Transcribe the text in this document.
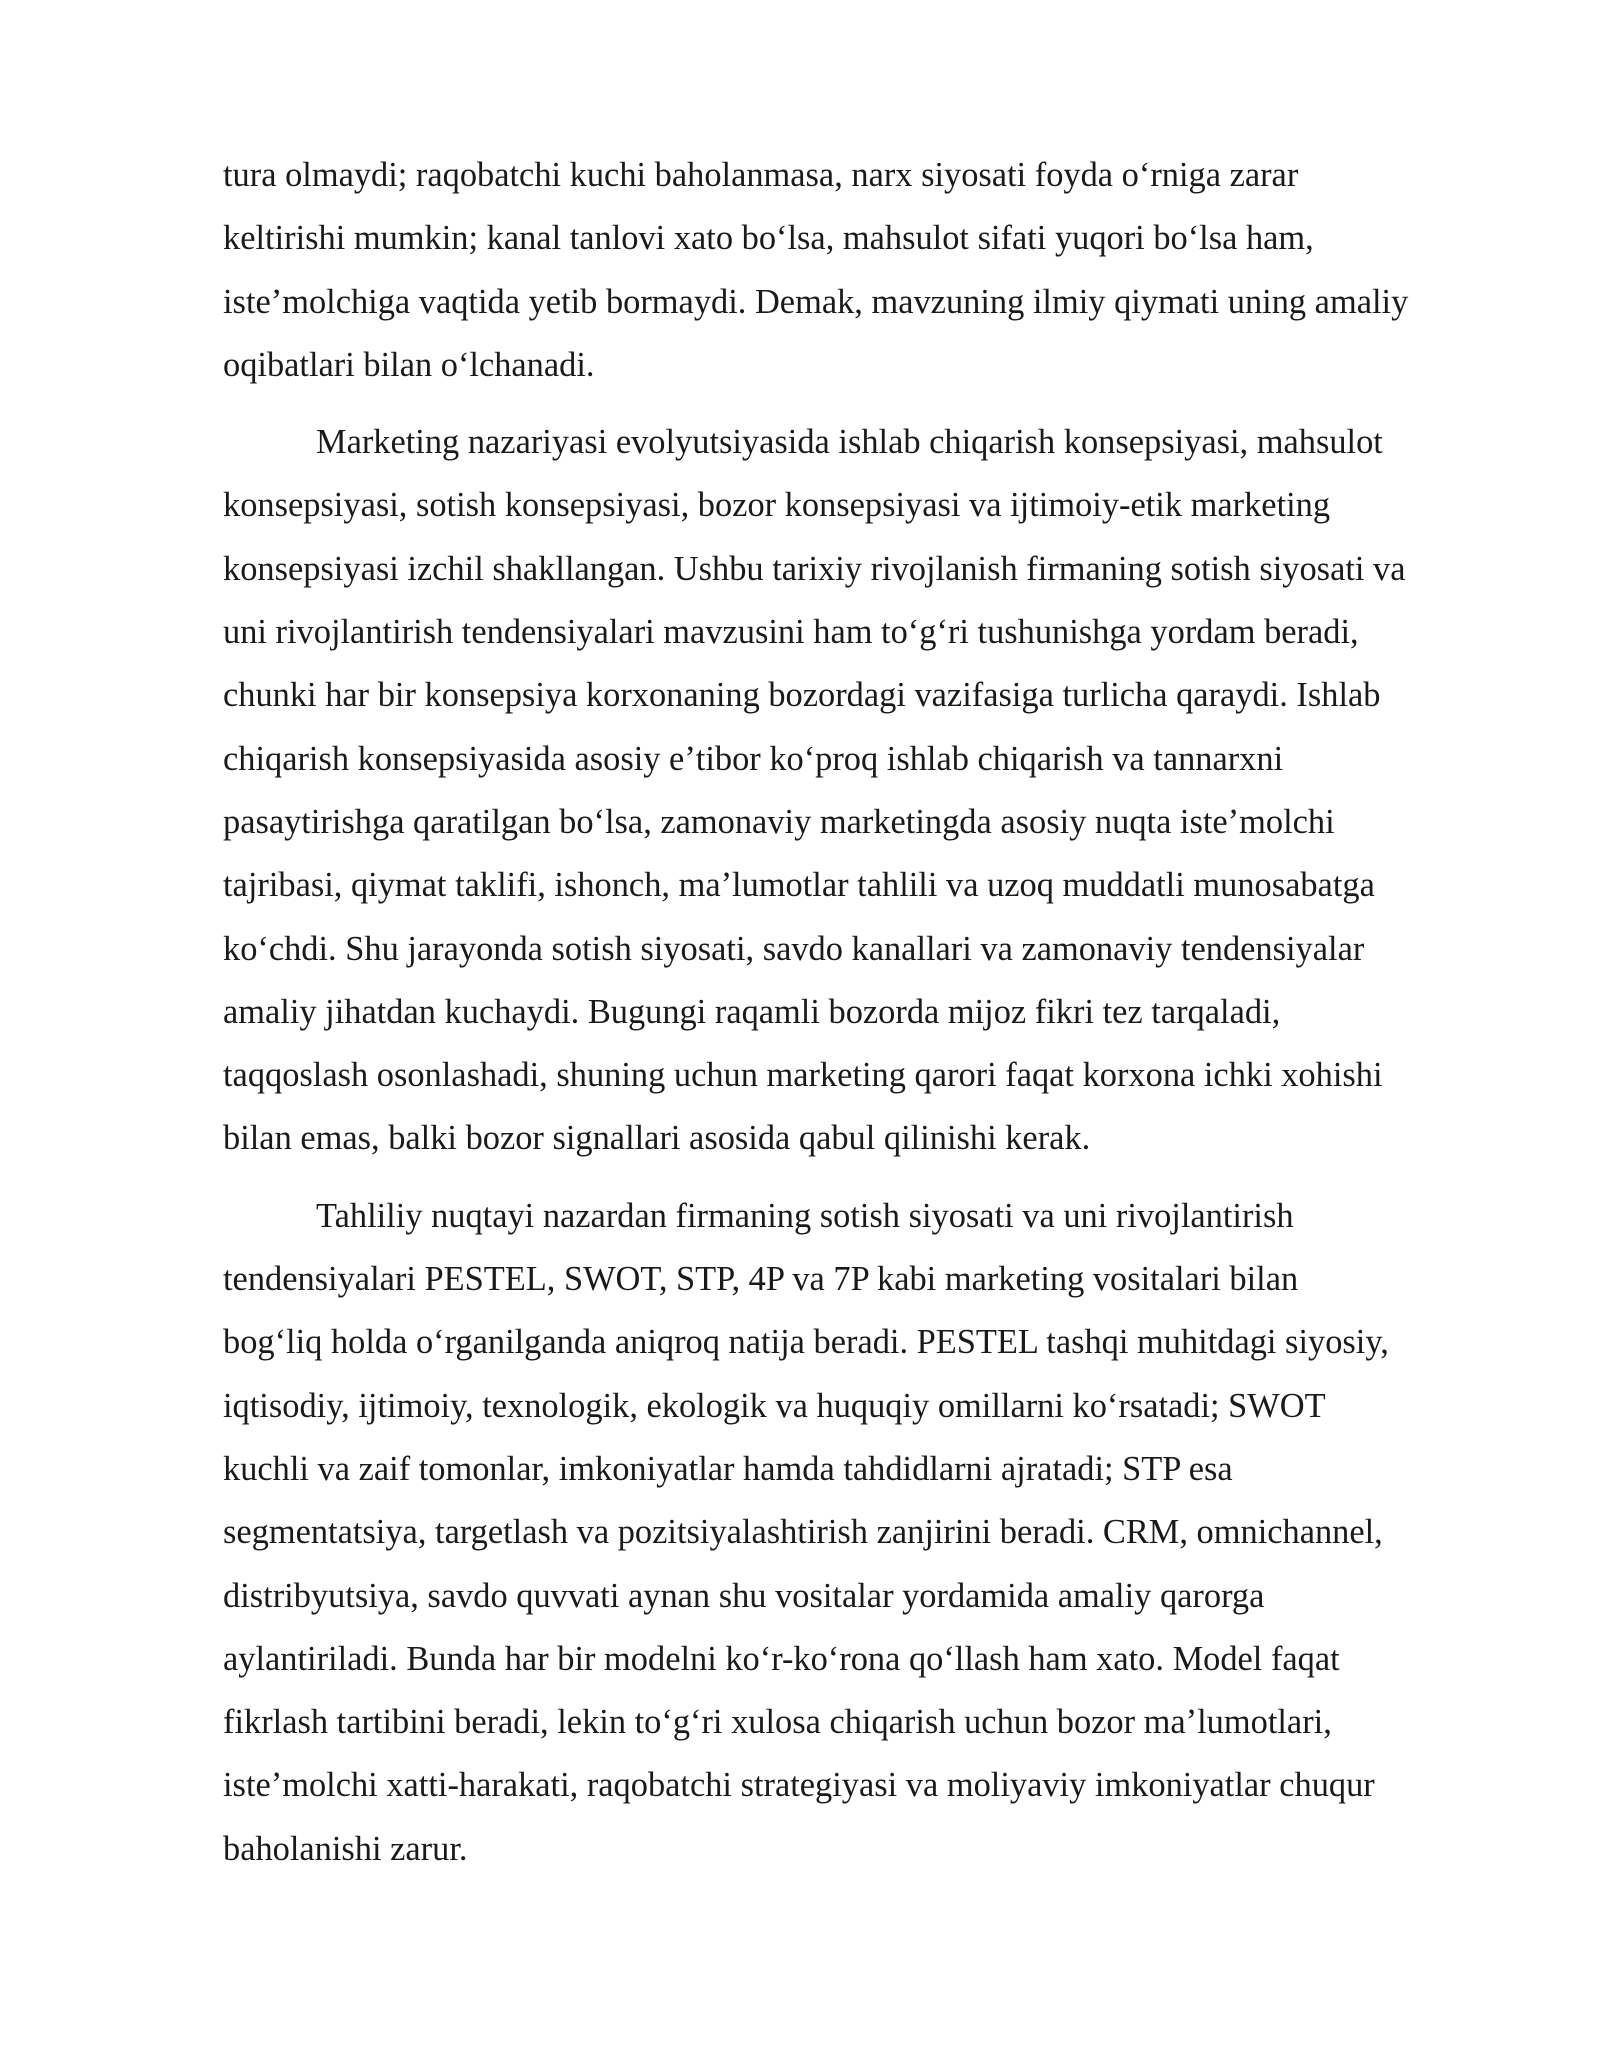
tura olmaydi; raqobatchi kuchi baholanmasa, narx siyosati foyda oʻrniga zarar
keltirishi mumkin; kanal tanlovi xato boʻlsa, mahsulot sifati yuqori boʻlsa ham,
isteʼmolchiga vaqtida yetib bormaydi. Demak, mavzuning ilmiy qiymati uning amaliy
oqibatlari bilan oʻlchanadi.
Marketing nazariyasi evolyutsiyasida ishlab chiqarish konsepsiyasi, mahsulot
konsepsiyasi, sotish konsepsiyasi, bozor konsepsiyasi va ijtimoiy-etik marketing
konsepsiyasi izchil shakllangan. Ushbu tarixiy rivojlanish firmaning sotish siyosati va
uni rivojlantirish tendensiyalari mavzusini ham toʻgʻri tushunishga yordam beradi,
chunki har bir konsepsiya korxonaning bozordagi vazifasiga turlicha qaraydi. Ishlab
chiqarish konsepsiyasida asosiy eʼtibor koʻproq ishlab chiqarish va tannarxni
pasaytirishga qaratilgan boʻlsa, zamonaviy marketingda asosiy nuqta isteʼmolchi
tajribasi, qiymat taklifi, ishonch, maʼlumotlar tahlili va uzoq muddatli munosabatga
koʻchdi. Shu jarayonda sotish siyosati, savdo kanallari va zamonaviy tendensiyalar
amaliy jihatdan kuchaydi. Bugungi raqamli bozorda mijoz fikri tez tarqaladi,
taqqoslash osonlashadi, shuning uchun marketing qarori faqat korxona ichki xohishi
bilan emas, balki bozor signallari asosida qabul qilinishi kerak.
Tahliliy nuqtayi nazardan firmaning sotish siyosati va uni rivojlantirish
tendensiyalari PESTEL, SWOT, STP, 4P va 7P kabi marketing vositalari bilan
bogʻliq holda oʻrganilganda aniqroq natija beradi. PESTEL tashqi muhitdagi siyosiy,
iqtisodiy, ijtimoiy, texnologik, ekologik va huquqiy omillarni koʻrsatadi; SWOT
kuchli va zaif tomonlar, imkoniyatlar hamda tahdidlarni ajratadi; STP esa
segmentatsiya, targetlash va pozitsiyalashtirish zanjirini beradi. CRM, omnichannel,
distribyutsiya, savdo quvvati aynan shu vositalar yordamida amaliy qarorga
aylantiriladi. Bunda har bir modelni koʻr-koʻrona qoʻllash ham xato. Model faqat
fikrlash tartibini beradi, lekin toʻgʻri xulosa chiqarish uchun bozor maʼlumotlari,
isteʼmolchi xatti-harakati, raqobatchi strategiyasi va moliyaviy imkoniyatlar chuqur
baholanishi zarur.
